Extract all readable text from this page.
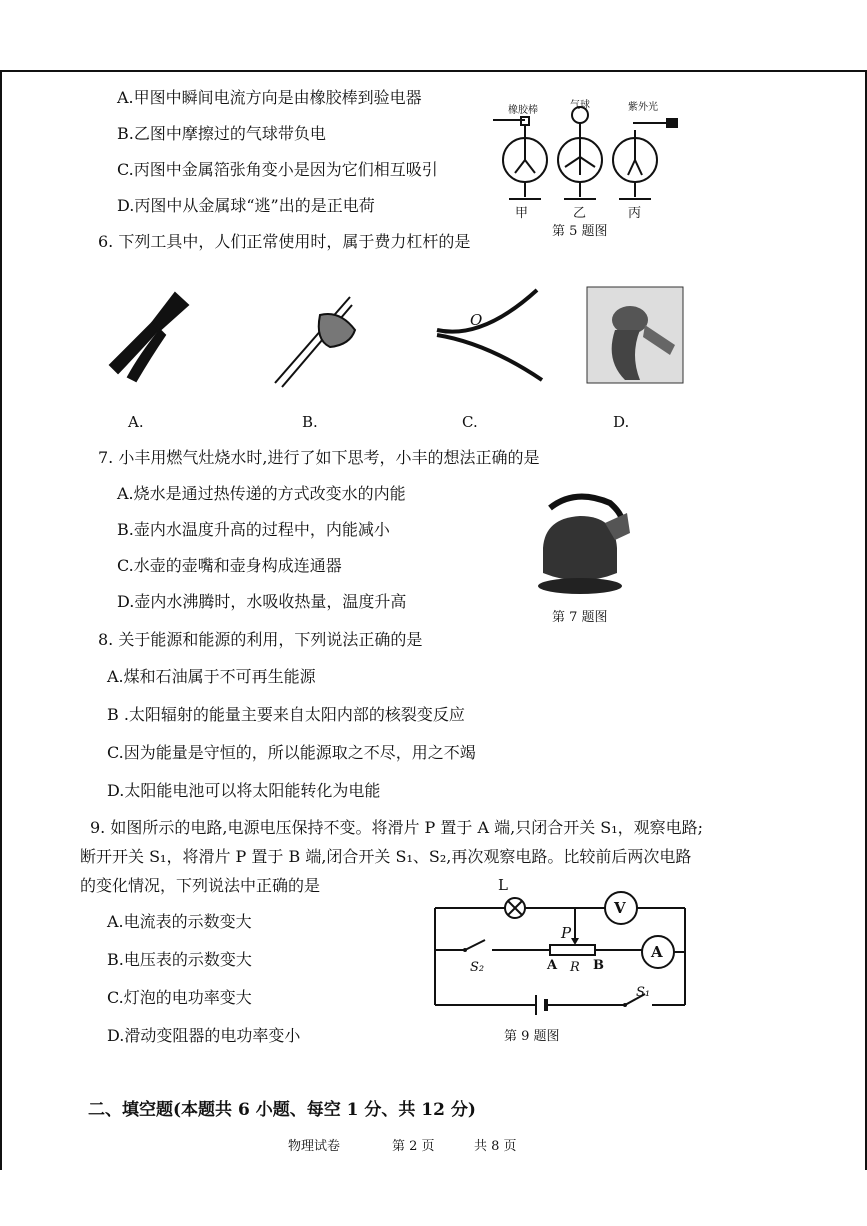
A.甲图中瞬间电流方向是由橡胶棒到验电器
B.乙图中摩擦过的气球带负电
C.丙图中金属箔张角变小是因为它们相互吸引
D.丙图中从金属球“逃”出的是正电荷
橡胶棒	气球	紫外光
甲	乙	丙
第 5 题图
6. 下列工具中，人们正常使用时，属于费力杠杆的是
O
A.	B.	C.	D.
7. 小丰用燃气灶烧水时,进行了如下思考，小丰的想法正确的是
A.烧水是通过热传递的方式改变水的内能
B.壶内水温度升高的过程中，内能减小
C.水壶的壶嘴和壶身构成连通器
D.壶内水沸腾时，水吸收热量，温度升高
第 7 题图
8. 关于能源和能源的利用，下列说法正确的是
A.煤和石油属于不可再生能源
B .太阳辐射的能量主要来自太阳内部的核裂变反应
C.因为能量是守恒的，所以能源取之不尽，用之不竭
D.太阳能电池可以将太阳能转化为电能
9. 如图所示的电路,电源电压保持不变。将滑片 P 置于 A 端,只闭合开关 S₁，观察电路;
断开开关 S₁，将滑片 P 置于 B 端,闭合开关 S₁、S₂,再次观察电路。比较前后两次电路
的变化情况，下列说法中正确的是
A.电流表的示数变大
B.电压表的示数变大
C.灯泡的电功率变大
D.滑动变阻器的电功率变小
L
V
A
P
A R B
S₂
S₁
第 9 题图
二、填空题(本题共 6 小题、每空 1 分、共 12 分)
物理试卷	第 2 页	共 8 页
